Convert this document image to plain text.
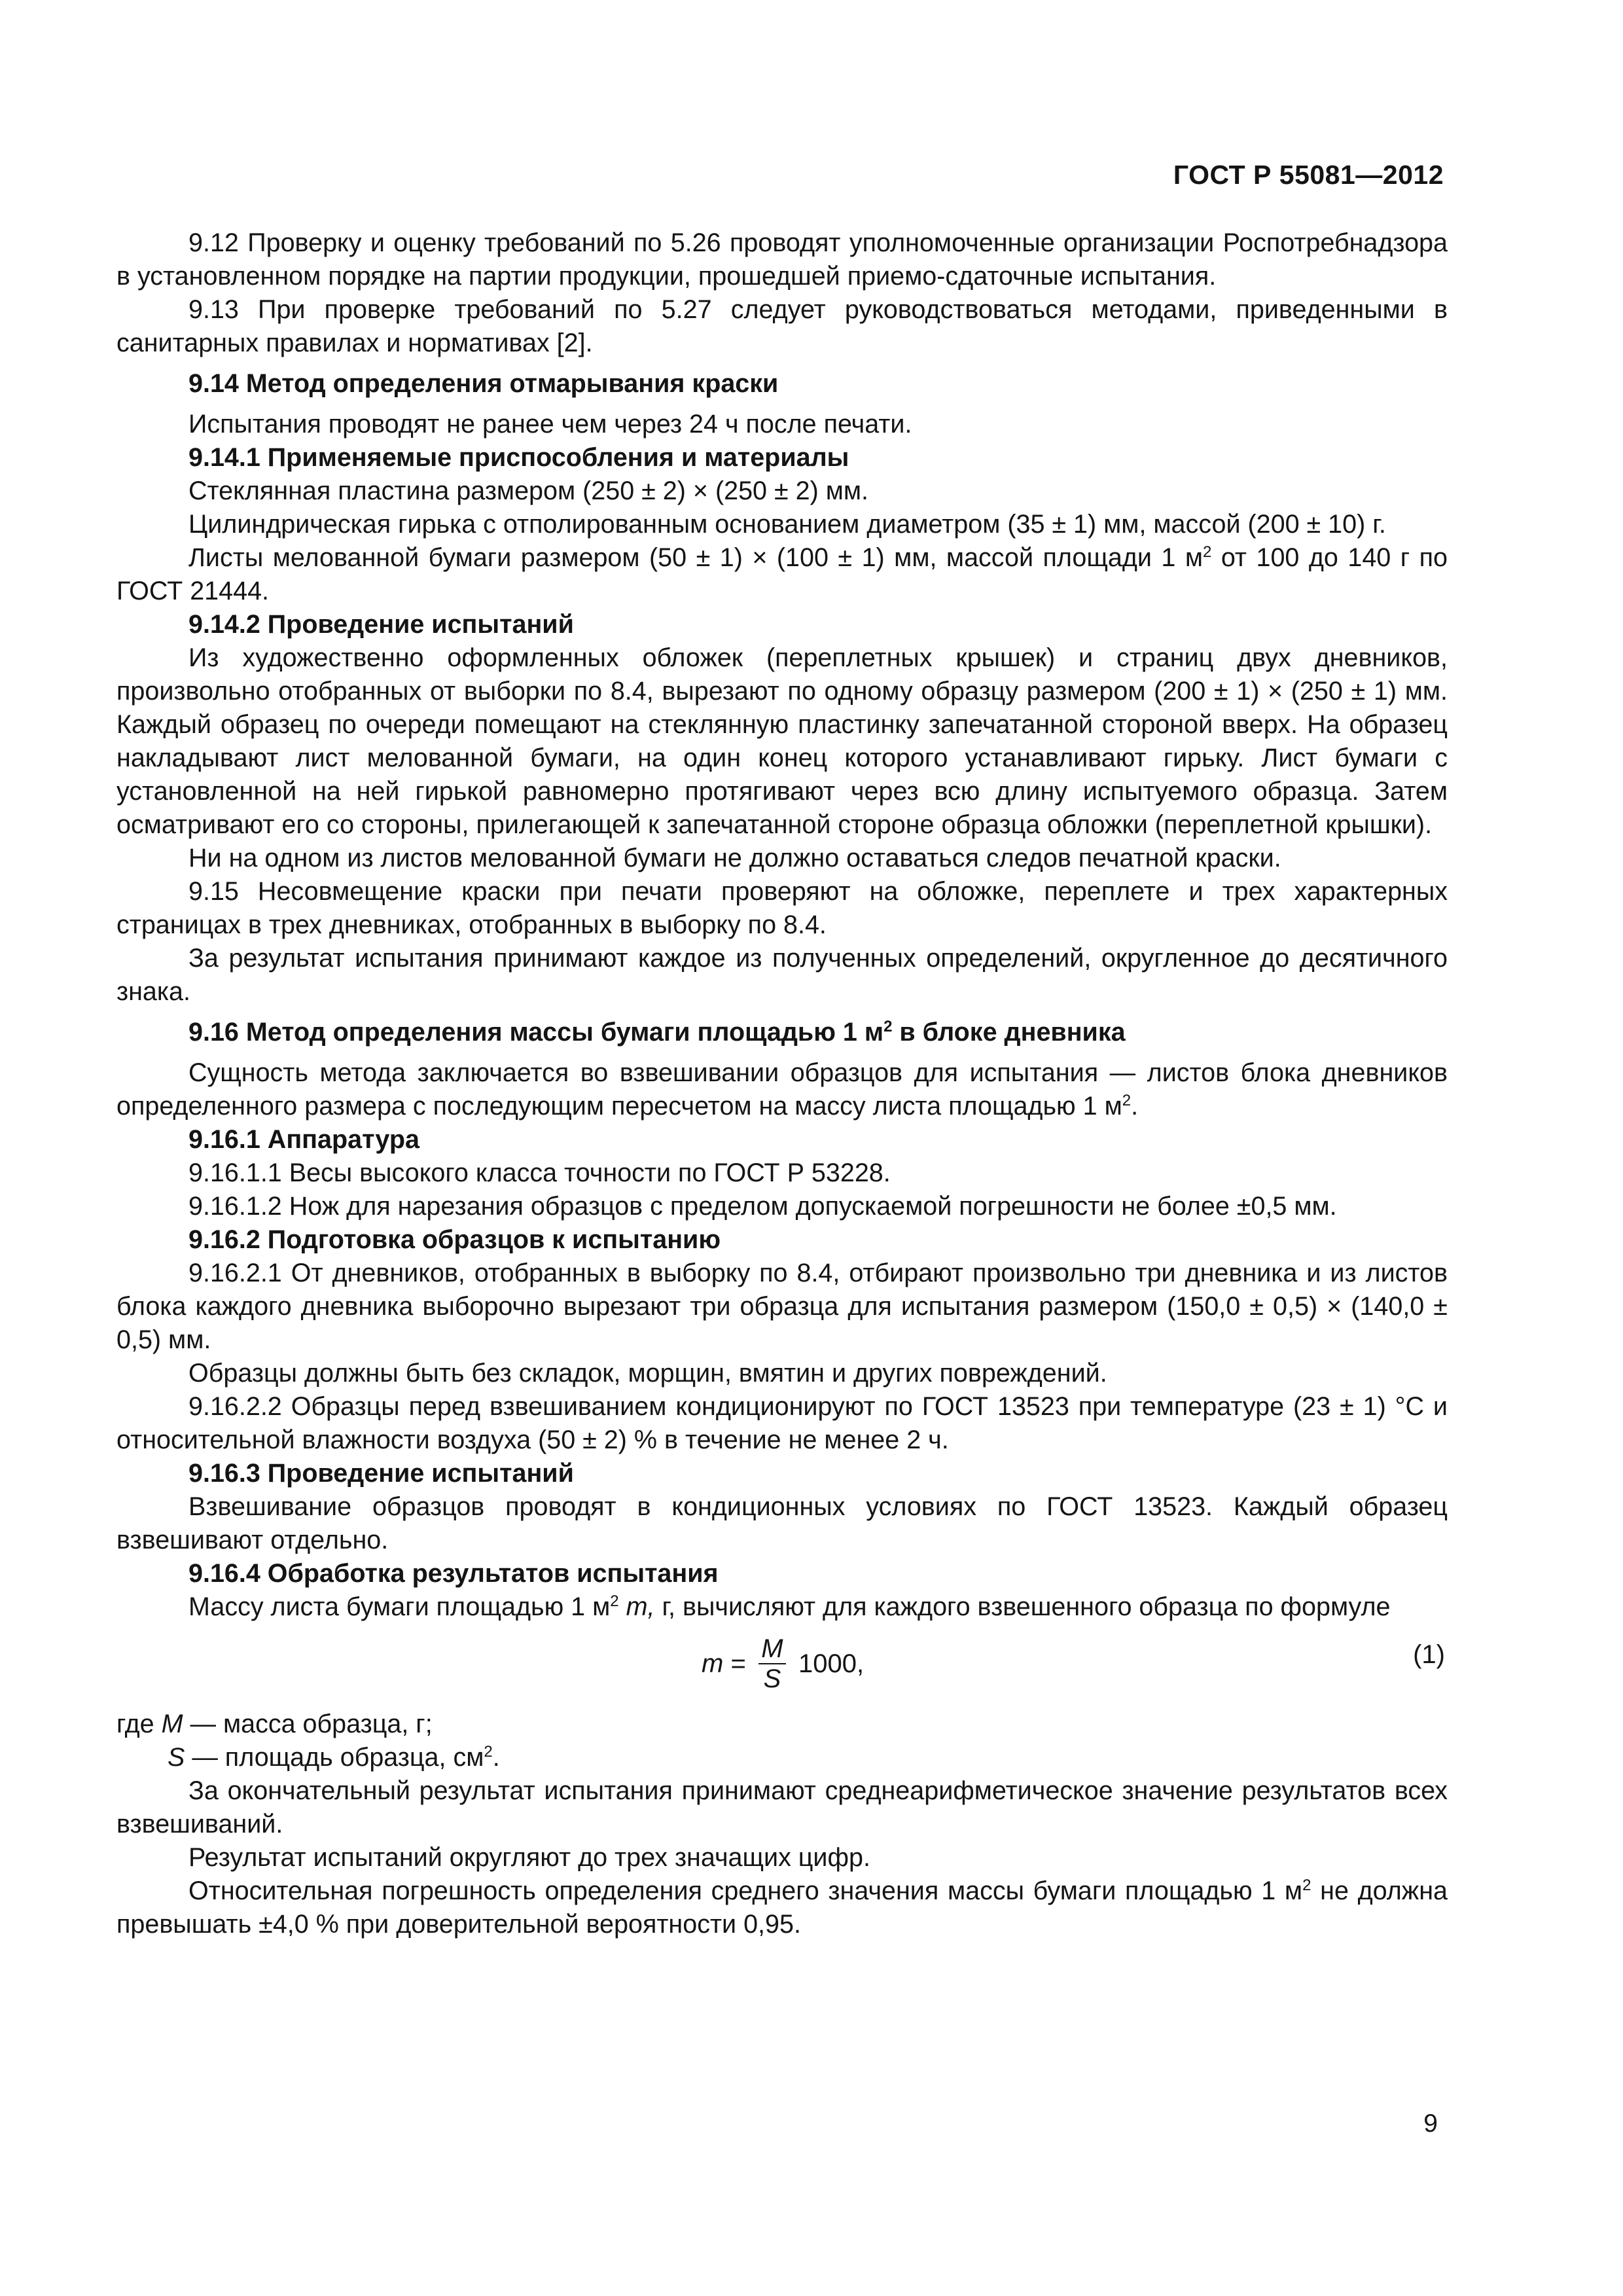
ГОСТ Р 55081—2012

9.12 Проверку и оценку требований по 5.26 проводят уполномоченные организации Роспотребнадзора в установленном порядке на партии продукции, прошедшей приемо-сдаточные испытания.

9.13 При проверке требований по 5.27 следует руководствоваться методами, приведенными в санитарных правилах и нормативах [2].

9.14 Метод определения отмарывания краски

Испытания проводят не ранее чем через 24 ч после печати.

9.14.1 Применяемые приспособления и материалы

Стеклянная пластина размером (250 ± 2) × (250 ± 2) мм.

Цилиндрическая гирька с отполированным основанием диаметром (35 ± 1) мм, массой (200 ± 10) г.

Листы мелованной бумаги размером (50 ± 1) × (100 ± 1) мм, массой площади 1 $м^2$ от 100 до 140 г по ГОСТ 21444.

9.14.2 Проведение испытаний

Из художественно оформленных обложек (переплетных крышек) и страниц двух дневников, произвольно отобранных от выборки по 8.4, вырезают по одному образцу размером (200 ± 1) × (250 ± 1) мм. Каждый образец по очереди помещают на стеклянную пластинку запечатанной стороной вверх. На образец накладывают лист мелованной бумаги, на один конец которого устанавливают гирьку. Лист бумаги с установленной на ней гирькой равномерно протягивают через всю длину испытуемого образца. Затем осматривают его со стороны, прилегающей к запечатанной стороне образца обложки (переплетной крышки).

Ни на одном из листов мелованной бумаги не должно оставаться следов печатной краски.

9.15 Несовмещение краски при печати проверяют на обложке, переплете и трех характерных страницах в трех дневниках, отобранных в выборку по 8.4.

За результат испытания принимают каждое из полученных определений, округленное до десятичного знака.

9.16 Метод определения массы бумаги площадью 1 $м^2$ в блоке дневника

Сущность метода заключается во взвешивании образцов для испытания — листов блока дневников определенного размера с последующим пересчетом на массу листа площадью 1 $м^2$.

9.16.1 Аппаратура

9.16.1.1 Весы высокого класса точности по ГОСТ Р 53228.

9.16.1.2 Нож для нарезания образцов с пределом допускаемой погрешности не более ±0,5 мм.

9.16.2 Подготовка образцов к испытанию

9.16.2.1 От дневников, отобранных в выборку по 8.4, отбирают произвольно три дневника и из листов блока каждого дневника выборочно вырезают три образца для испытания размером (150,0 ± 0,5) × (140,0 ± 0,5) мм.

Образцы должны быть без складок, морщин, вмятин и других повреждений.

9.16.2.2 Образцы перед взвешиванием кондиционируют по ГОСТ 13523 при температуре (23 ± 1) °С и относительной влажности воздуха (50 ± 2) % в течение не менее 2 ч.

9.16.3 Проведение испытаний

Взвешивание образцов проводят в кондиционных условиях по ГОСТ 13523. Каждый образец взвешивают отдельно.

9.16.4 Обработка результатов испытания

Массу листа бумаги площадью 1 $м^2$ m, г, вычисляют для каждого взвешенного образца по формуле

$m = \frac{M}{S} 1000$,	(1)

где М — масса образца, г;

S — площадь образца, $см^2$.

За окончательный результат испытания принимают среднеарифметическое значение результатов всех взвешиваний.

Результат испытаний округляют до трех значащих цифр.

Относительная погрешность определения среднего значения массы бумаги площадью 1 $м^2$ не должна превышать ±4,0 % при доверительной вероятности 0,95.

9
